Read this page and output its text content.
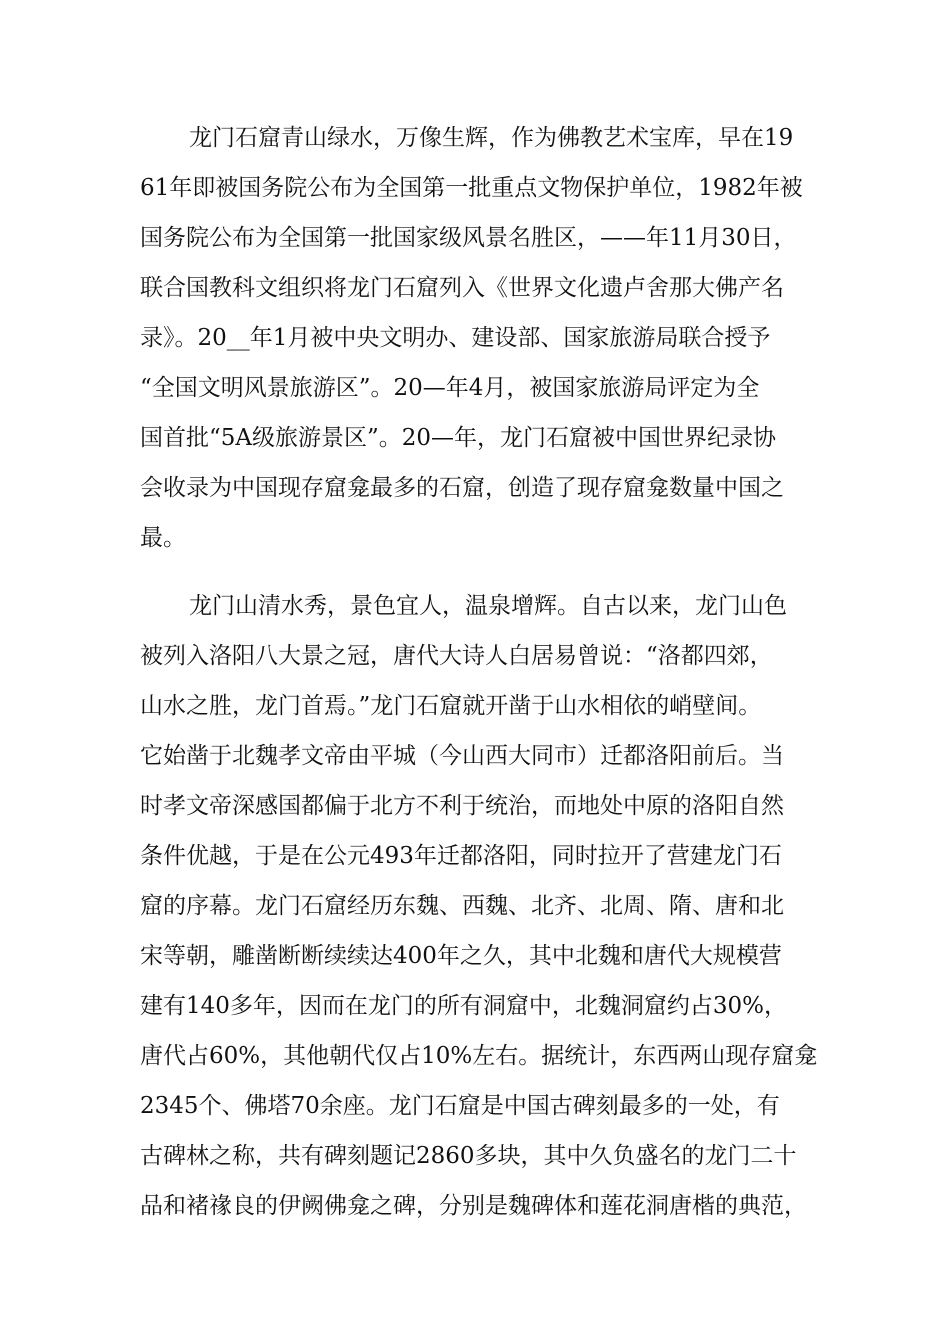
龙门石窟青山绿水，万像生辉，作为佛教艺术宝库，早在19
61年即被国务院公布为全国第一批重点文物保护单位，1982年被
国务院公布为全国第一批国家级风景名胜区，——年11月30日，
联合国教科文组织将龙门石窟列入《世界文化遗卢舍那大佛产名
录》。20__年1月被中央文明办、建设部、国家旅游局联合授予
“全国文明风景旅游区”。20—年4月，被国家旅游局评定为全
国首批“5A级旅游景区”。20—年，龙门石窟被中国世界纪录协
会收录为中国现存窟龛最多的石窟，创造了现存窟龛数量中国之
最。
龙门山清水秀，景色宜人，温泉增辉。自古以来，龙门山色
被列入洛阳八大景之冠，唐代大诗人白居易曾说：“洛都四郊，
山水之胜，龙门首焉。”龙门石窟就开凿于山水相依的峭壁间。
它始凿于北魏孝文帝由平城（今山西大同市）迁都洛阳前后。当
时孝文帝深感国都偏于北方不利于统治，而地处中原的洛阳自然
条件优越，于是在公元493年迁都洛阳，同时拉开了营建龙门石
窟的序幕。龙门石窟经历东魏、西魏、北齐、北周、隋、唐和北
宋等朝，雕凿断断续续达400年之久，其中北魏和唐代大规模营
建有140多年，因而在龙门的所有洞窟中，北魏洞窟约占30%，
唐代占60%，其他朝代仅占10%左右。据统计，东西两山现存窟龛
2345个、佛塔70余座。龙门石窟是中国古碑刻最多的一处，有
古碑林之称，共有碑刻题记2860多块，其中久负盛名的龙门二十
品和褚禒良的伊阙佛龛之碑，分别是魏碑体和莲花洞唐楷的典范，
